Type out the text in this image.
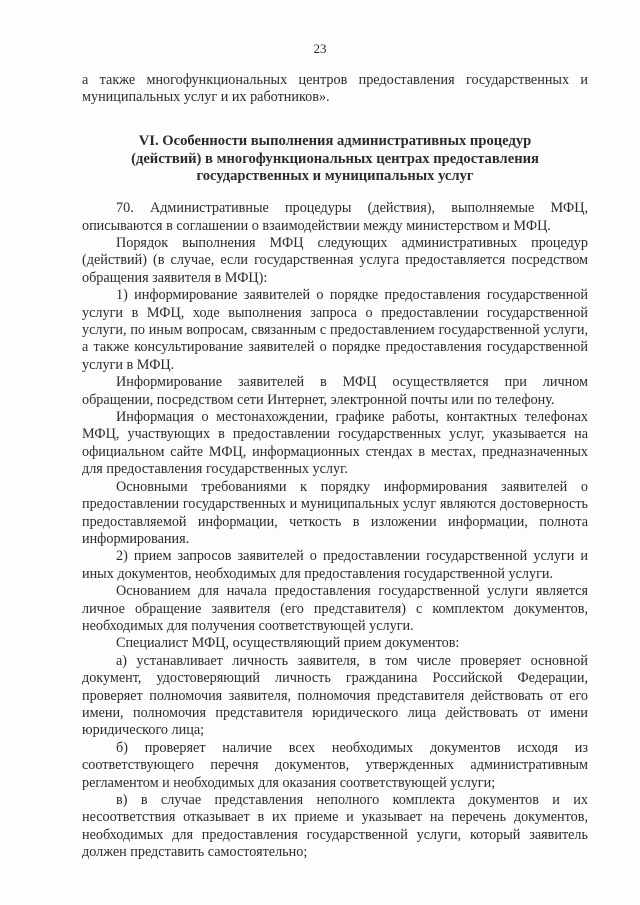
23

а также многофункциональных центров предоставления государственных и муниципальных услуг и их работников».

VI. Особенности выполнения административных процедур
(действий) в многофункциональных центрах предоставления
государственных и муниципальных услуг

70. Административные процедуры (действия), выполняемые МФЦ, описываются в соглашении о взаимодействии между министерством и МФЦ.

Порядок выполнения МФЦ следующих административных процедур (действий) (в случае, если государственная услуга предоставляется посредством обращения заявителя в МФЦ):

1) информирование заявителей о порядке предоставления государственной услуги в МФЦ, ходе выполнения запроса о предоставлении государственной услуги, по иным вопросам, связанным с предоставлением государственной услуги, а также консультирование заявителей о порядке предоставления государственной услуги в МФЦ.

Информирование заявителей в МФЦ осуществляется при личном обращении, посредством сети Интернет, электронной почты или по телефону.

Информация о местонахождении, графике работы, контактных телефонах МФЦ, участвующих в предоставлении государственных услуг, указывается на официальном сайте МФЦ, информационных стендах в местах, предназначенных для предоставления государственных услуг.

Основными требованиями к порядку информирования заявителей о предоставлении государственных и муниципальных услуг являются достоверность предоставляемой информации, четкость в изложении информации, полнота информирования.

2) прием запросов заявителей о предоставлении государственной услуги и иных документов, необходимых для предоставления государственной услуги.

Основанием для начала предоставления государственной услуги является личное обращение заявителя (его представителя) с комплектом документов, необходимых для получения соответствующей услуги.

Специалист МФЦ, осуществляющий прием документов:

а) устанавливает личность заявителя, в том числе проверяет основной документ, удостоверяющий личность гражданина Российской Федерации, проверяет полномочия заявителя, полномочия представителя действовать от его имени, полномочия представителя юридического лица действовать от имени юридического лица;

б) проверяет наличие всех необходимых документов исходя из соответствующего перечня документов, утвержденных административным регламентом и необходимых для оказания соответствующей услуги;

в) в случае представления неполного комплекта документов и их несоответствия отказывает в их приеме и указывает на перечень документов, необходимых для предоставления государственной услуги, который заявитель должен представить самостоятельно;
